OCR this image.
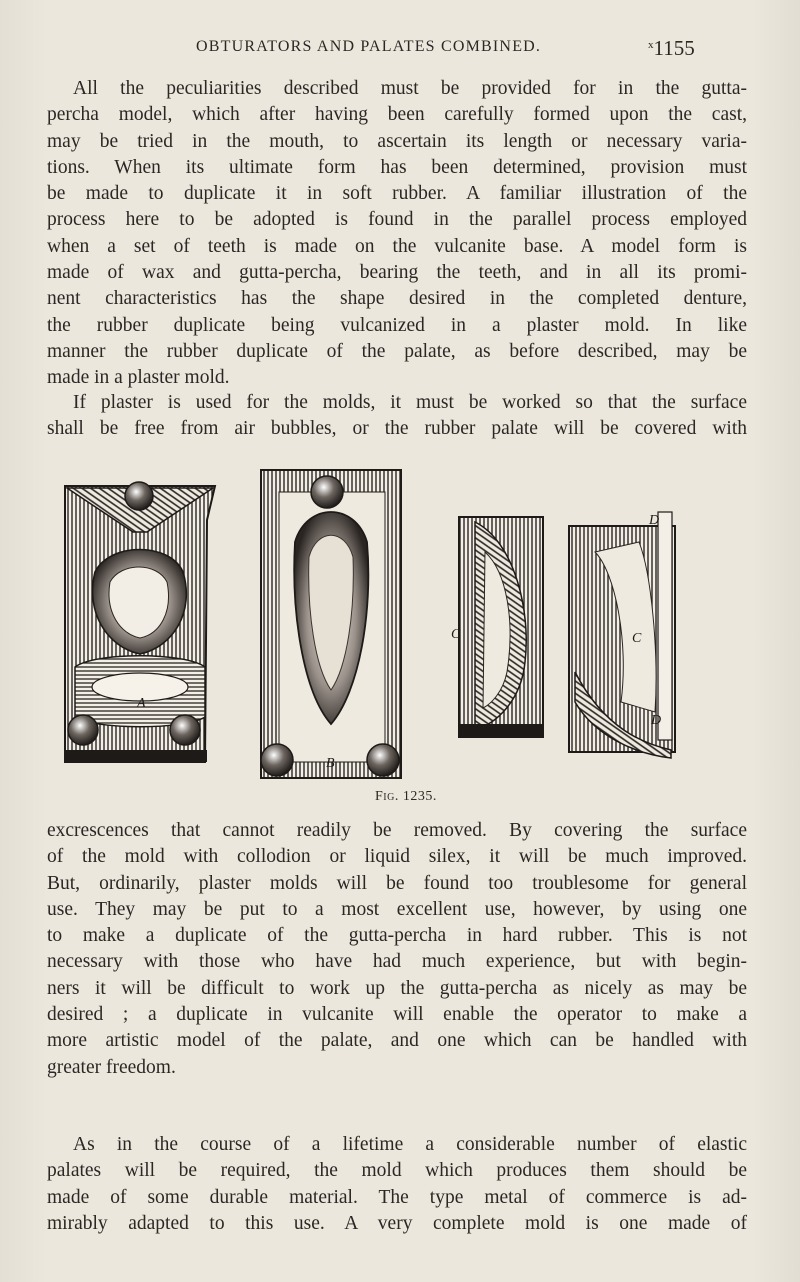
OBTURATORS AND PALATES COMBINED.	$^x$1155

All the peculiarities described must be provided for in the gutta-
percha model, which after having been carefully formed upon the cast,
may be tried in the mouth, to ascertain its length or necessary varia-
tions. When its ultimate form has been determined, provision must
be made to duplicate it in soft rubber. A familiar illustration of the
process here to be adopted is found in the parallel process employed
when a set of teeth is made on the vulcanite base. A model form is
made of wax and gutta-percha, bearing the teeth, and in all its promi-
nent characteristics has the shape desired in the completed denture,
the rubber duplicate being vulcanized in a plaster mold. In like
manner the rubber duplicate of the palate, as before described, may be
made in a plaster mold.

If plaster is used for the molds, it must be worked so that the surface
shall be free from air bubbles, or the rubber palate will be covered with

A
B
C
D
C
D
Fig. 1235.

excrescences that cannot readily be removed. By covering the surface
of the mold with collodion or liquid silex, it will be much improved.
But, ordinarily, plaster molds will be found too troublesome for general
use. They may be put to a most excellent use, however, by using one
to make a duplicate of the gutta-percha in hard rubber. This is not
necessary with those who have had much experience, but with begin-
ners it will be difficult to work up the gutta-percha as nicely as may be
desired ; a duplicate in vulcanite will enable the operator to make a
more artistic model of the palate, and one which can be handled with
greater freedom.

As in the course of a lifetime a considerable number of elastic
palates will be required, the mold which produces them should be
made of some durable material. The type metal of commerce is ad-
mirably adapted to this use. A very complete mold is one made of
